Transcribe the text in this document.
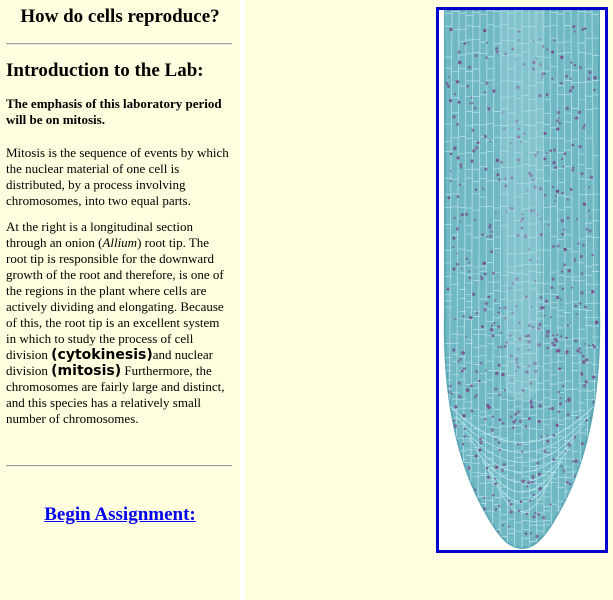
How do cells reproduce?
Introduction to the Lab:
The emphasis of this laboratory period will be on mitosis.
Mitosis is the sequence of events by which the nuclear material of one cell is distributed, by a process involving chromosomes, into two equal parts.
At the right is a longitudinal section through an onion (Allium) root tip. The root tip is responsible for the downward growth of the root and therefore, is one of the regions in the plant where cells are actively dividing and elongating. Because of this, the root tip is an excellent system in which to study the process of cell division (cytokinesis)and nuclear division (mitosis) Furthermore, the chromosomes are fairly large and distinct, and this species has a relatively small number of chromosomes.
Begin Assignment:
